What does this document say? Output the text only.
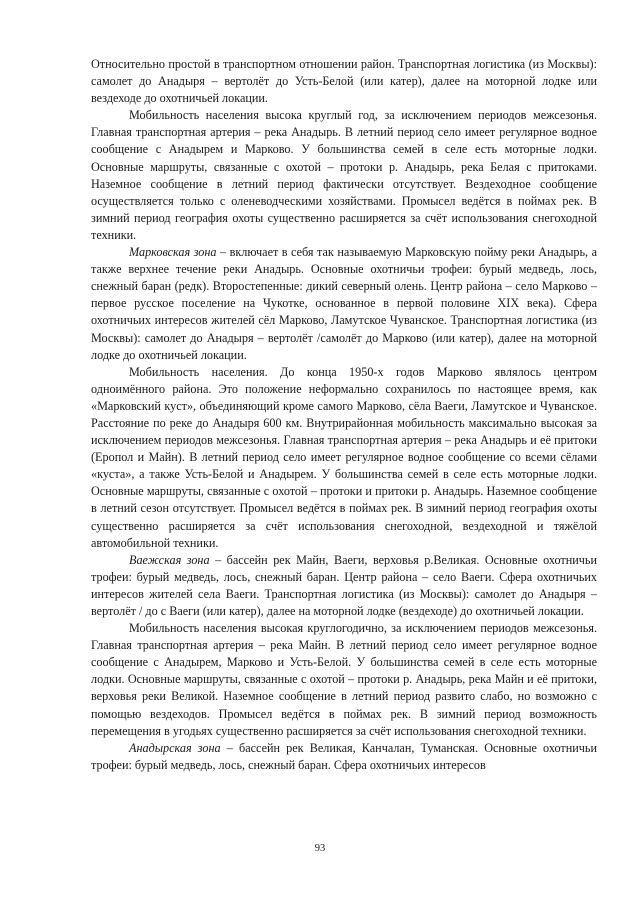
Относительно простой в транспортном отношении район. Транспортная логистика (из Москвы): самолет до Анадыря – вертолёт до Усть-Белой (или катер), далее на моторной лодке или вездеходе до охотничьей локации.

Мобильность населения высока круглый год, за исключением периодов межсезонья. Главная транспортная артерия – река Анадырь. В летний период село имеет регулярное водное сообщение с Анадырем и Марково. У большинства семей в селе есть моторные лодки. Основные маршруты, связанные с охотой – протоки р. Анадырь, река Белая с притоками. Наземное сообщение в летний период фактически отсутствует. Вездеходное сообщение осуществляется только с оленеводческими хозяйствами. Промысел ведётся в поймах рек. В зимний период география охоты существенно расширяется за счёт использования снегоходной техники.

Марковская зона – включает в себя так называемую Марковскую пойму реки Анадырь, а также верхнее течение реки Анадырь. Основные охотничьи трофеи: бурый медведь, лось, снежный баран (редк). Второстепенные: дикий северный олень. Центр района – село Марково – первое русское поселение на Чукотке, основанное в первой половине XIX века). Сфера охотничьих интересов жителей сёл Марково, Ламутское Чуванское. Транспортная логистика (из Москвы): самолет до Анадыря – вертолёт /самолёт до Марково (или катер), далее на моторной лодке до охотничьей локации.

Мобильность населения. До конца 1950-х годов Марково являлось центром одноимённого района. Это положение неформально сохранилось по настоящее время, как «Марковский куст», объединяющий кроме самого Марково, сёла Ваеги, Ламутское и Чуванское. Расстояние по реке до Анадыря 600 км. Внутрирайонная мобильность максимально высокая за исключением периодов межсезонья. Главная транспортная артерия – река Анадырь и её притоки (Еропол и Майн). В летний период село имеет регулярное водное сообщение со всеми сёлами «куста», а также Усть-Белой и Анадырем. У большинства семей в селе есть моторные лодки. Основные маршруты, связанные с охотой – протоки и притоки р. Анадырь. Наземное сообщение в летний сезон отсутствует. Промысел ведётся в поймах рек. В зимний период география охоты существенно расширяется за счёт использования снегоходной, вездеходной и тяжёлой автомобильной техники.

Ваежская зона – бассейн рек Майн, Ваеги, верховья р.Великая. Основные охотничьи трофеи: бурый медведь, лось, снежный баран. Центр района – село Ваеги. Сфера охотничьих интересов жителей села Ваеги. Транспортная логистика (из Москвы): самолет до Анадыря – вертолёт / до с Ваеги (или катер), далее на моторной лодке (вездеходе) до охотничьей локации.

Мобильность населения высокая круглогодично, за исключением периодов межсезонья. Главная транспортная артерия – река Майн. В летний период село имеет регулярное водное сообщение с Анадырем, Марково и Усть-Белой. У большинства семей в селе есть моторные лодки. Основные маршруты, связанные с охотой – протоки р. Анадырь, река Майн и её притоки, верховья реки Великой. Наземное сообщение в летний период развито слабо, но возможно с помощью вездеходов. Промысел ведётся в поймах рек. В зимний период возможность перемещения в угодьях существенно расширяется за счёт использования снегоходной техники.

Анадырская зона – бассейн рек Великая, Канчалан, Туманская. Основные охотничьи трофеи: бурый медведь, лось, снежный баран. Сфера охотничьих интересов

93
